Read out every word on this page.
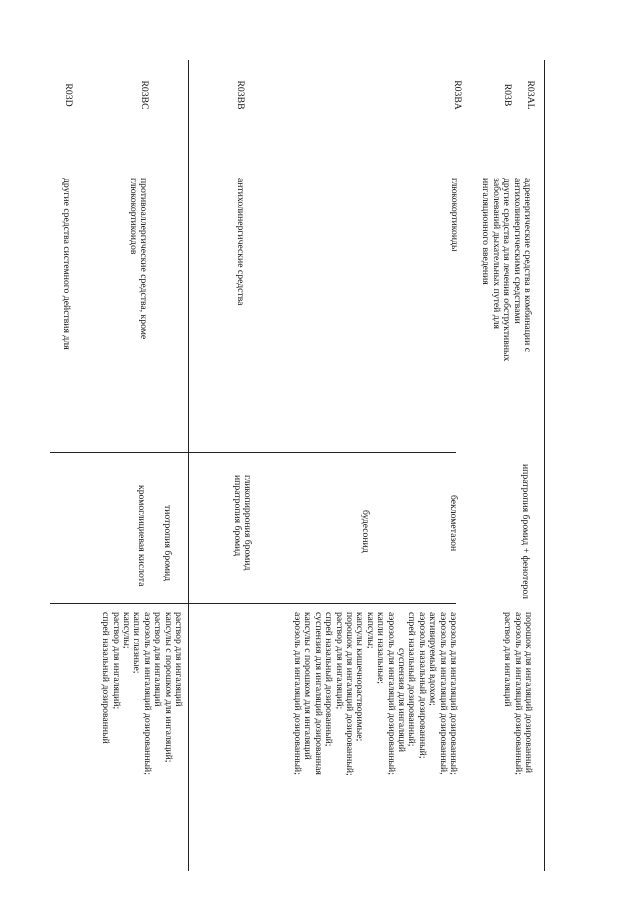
R03AL
R03B
R03BA
R03BB
R03BC
R03D
адренергические средства в комбинации с
антихолинергическими средствами
другие средства для лечения обструктивных
заболеваний дыхательных путей для
ингаляционного введения
глюкокортикоиды
антихолинергические средства
противоаллергические средства, кроме
глюкокортикоидов
другие средства системного действия для
ипратропия бромид + фенотерол
беклометазон
будесонид
гликопиррония бромид
ипратропия бромид
тиотропия бромид
кромоглициевая кислота
порошок для ингаляций дозированный
аэрозоль для ингаляций дозированный;
раствор для ингаляций
аэрозоль для ингаляций дозированный;
аэрозоль для ингаляций дозированный,
активируемый вдохом;
аэрозоль назальный дозированный;
спрей назальный дозированный;
суспензия для ингаляций
аэрозоль для ингаляций дозированный;
капли назальные;
капсулы;
капсулы кишечнорастворимые;
порошок для ингаляций дозированный;
раствор для ингаляций;
спрей назальный дозированный;
суспензия для ингаляций дозированная
капсулы с порошком для ингаляций
аэрозоль для ингаляций дозированный;
раствор для ингаляций
капсулы с порошком для ингаляций;
раствор для ингаляций
аэрозоль для ингаляций дозированный;
капли глазные;
капсулы;
раствор для ингаляций;
спрей назальный дозированный
